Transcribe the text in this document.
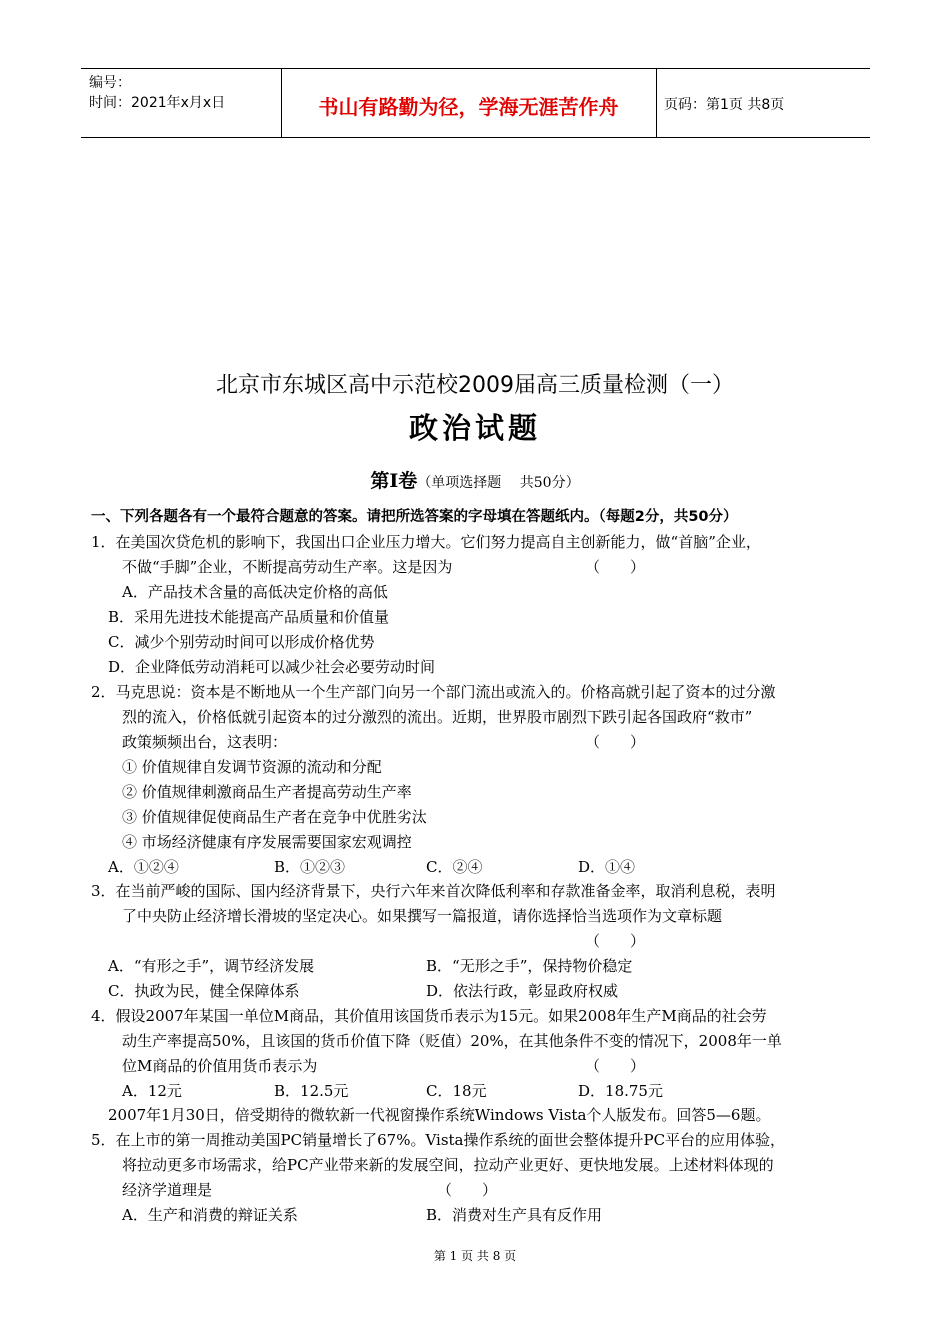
编号：
时间：2021年x月x日	书山有路勤为径，学海无涯苦作舟	页码：第1页 共8页
北京市东城区高中示范校2009届高三质量检测（一）
政治试题
第Ⅰ卷（单项选择题　 共50分）
一、下列各题各有一个最符合题意的答案。请把所选答案的字母填在答题纸内。（每题2分，共50分）
1．在美国次贷危机的影响下，我国出口企业压力增大。它们努力提高自主创新能力，做“首脑”企业，
不做“手脚”企业，不断提高劳动生产率。这是因为	（　　）
A．产品技术含量的高低决定价格的高低
B．采用先进技术能提高产品质量和价值量
C．减少个别劳动时间可以形成价格优势
D．企业降低劳动消耗可以减少社会必要劳动时间
2．马克思说：资本是不断地从一个生产部门向另一个部门流出或流入的。价格高就引起了资本的过分激
烈的流入，价格低就引起资本的过分激烈的流出。近期，世界股市剧烈下跌引起各国政府“救市”
政策频频出台，这表明：	（　　）
① 价值规律自发调节资源的流动和分配
② 价值规律刺激商品生产者提高劳动生产率
③ 价值规律促使商品生产者在竞争中优胜劣汰
④ 市场经济健康有序发展需要国家宏观调控
A．①②④	B．①②③	C．②④	D．①④
3．在当前严峻的国际、国内经济背景下，央行六年来首次降低利率和存款准备金率，取消利息税，表明
了中央防止经济增长滑坡的坚定决心。如果撰写一篇报道，请你选择恰当选项作为文章标题
（　　）
A．“有形之手”，调节经济发展	B．“无形之手”，保持物价稳定
C．执政为民，健全保障体系	D．依法行政，彰显政府权威
4．假设2007年某国一单位M商品，其价值用该国货币表示为15元。如果2008年生产M商品的社会劳
动生产率提高50%，且该国的货币价值下降（贬值）20%，在其他条件不变的情况下，2008年一单
位M商品的价值用货币表示为	（　　）
A．12元	B．12.5元	C．18元	D．18.75元
2007年1月30日，倍受期待的微软新一代视窗操作系统Windows Vista个人版发布。回答5—6题。
5．在上市的第一周推动美国PC销量增长了67%。Vista操作系统的面世会整体提升PC平台的应用体验，
将拉动更多市场需求，给PC产业带来新的发展空间，拉动产业更好、更快地发展。上述材料体现的
经济学道理是	（　　）
A．生产和消费的辩证关系	B．消费对生产具有反作用
第 1 页 共 8 页
